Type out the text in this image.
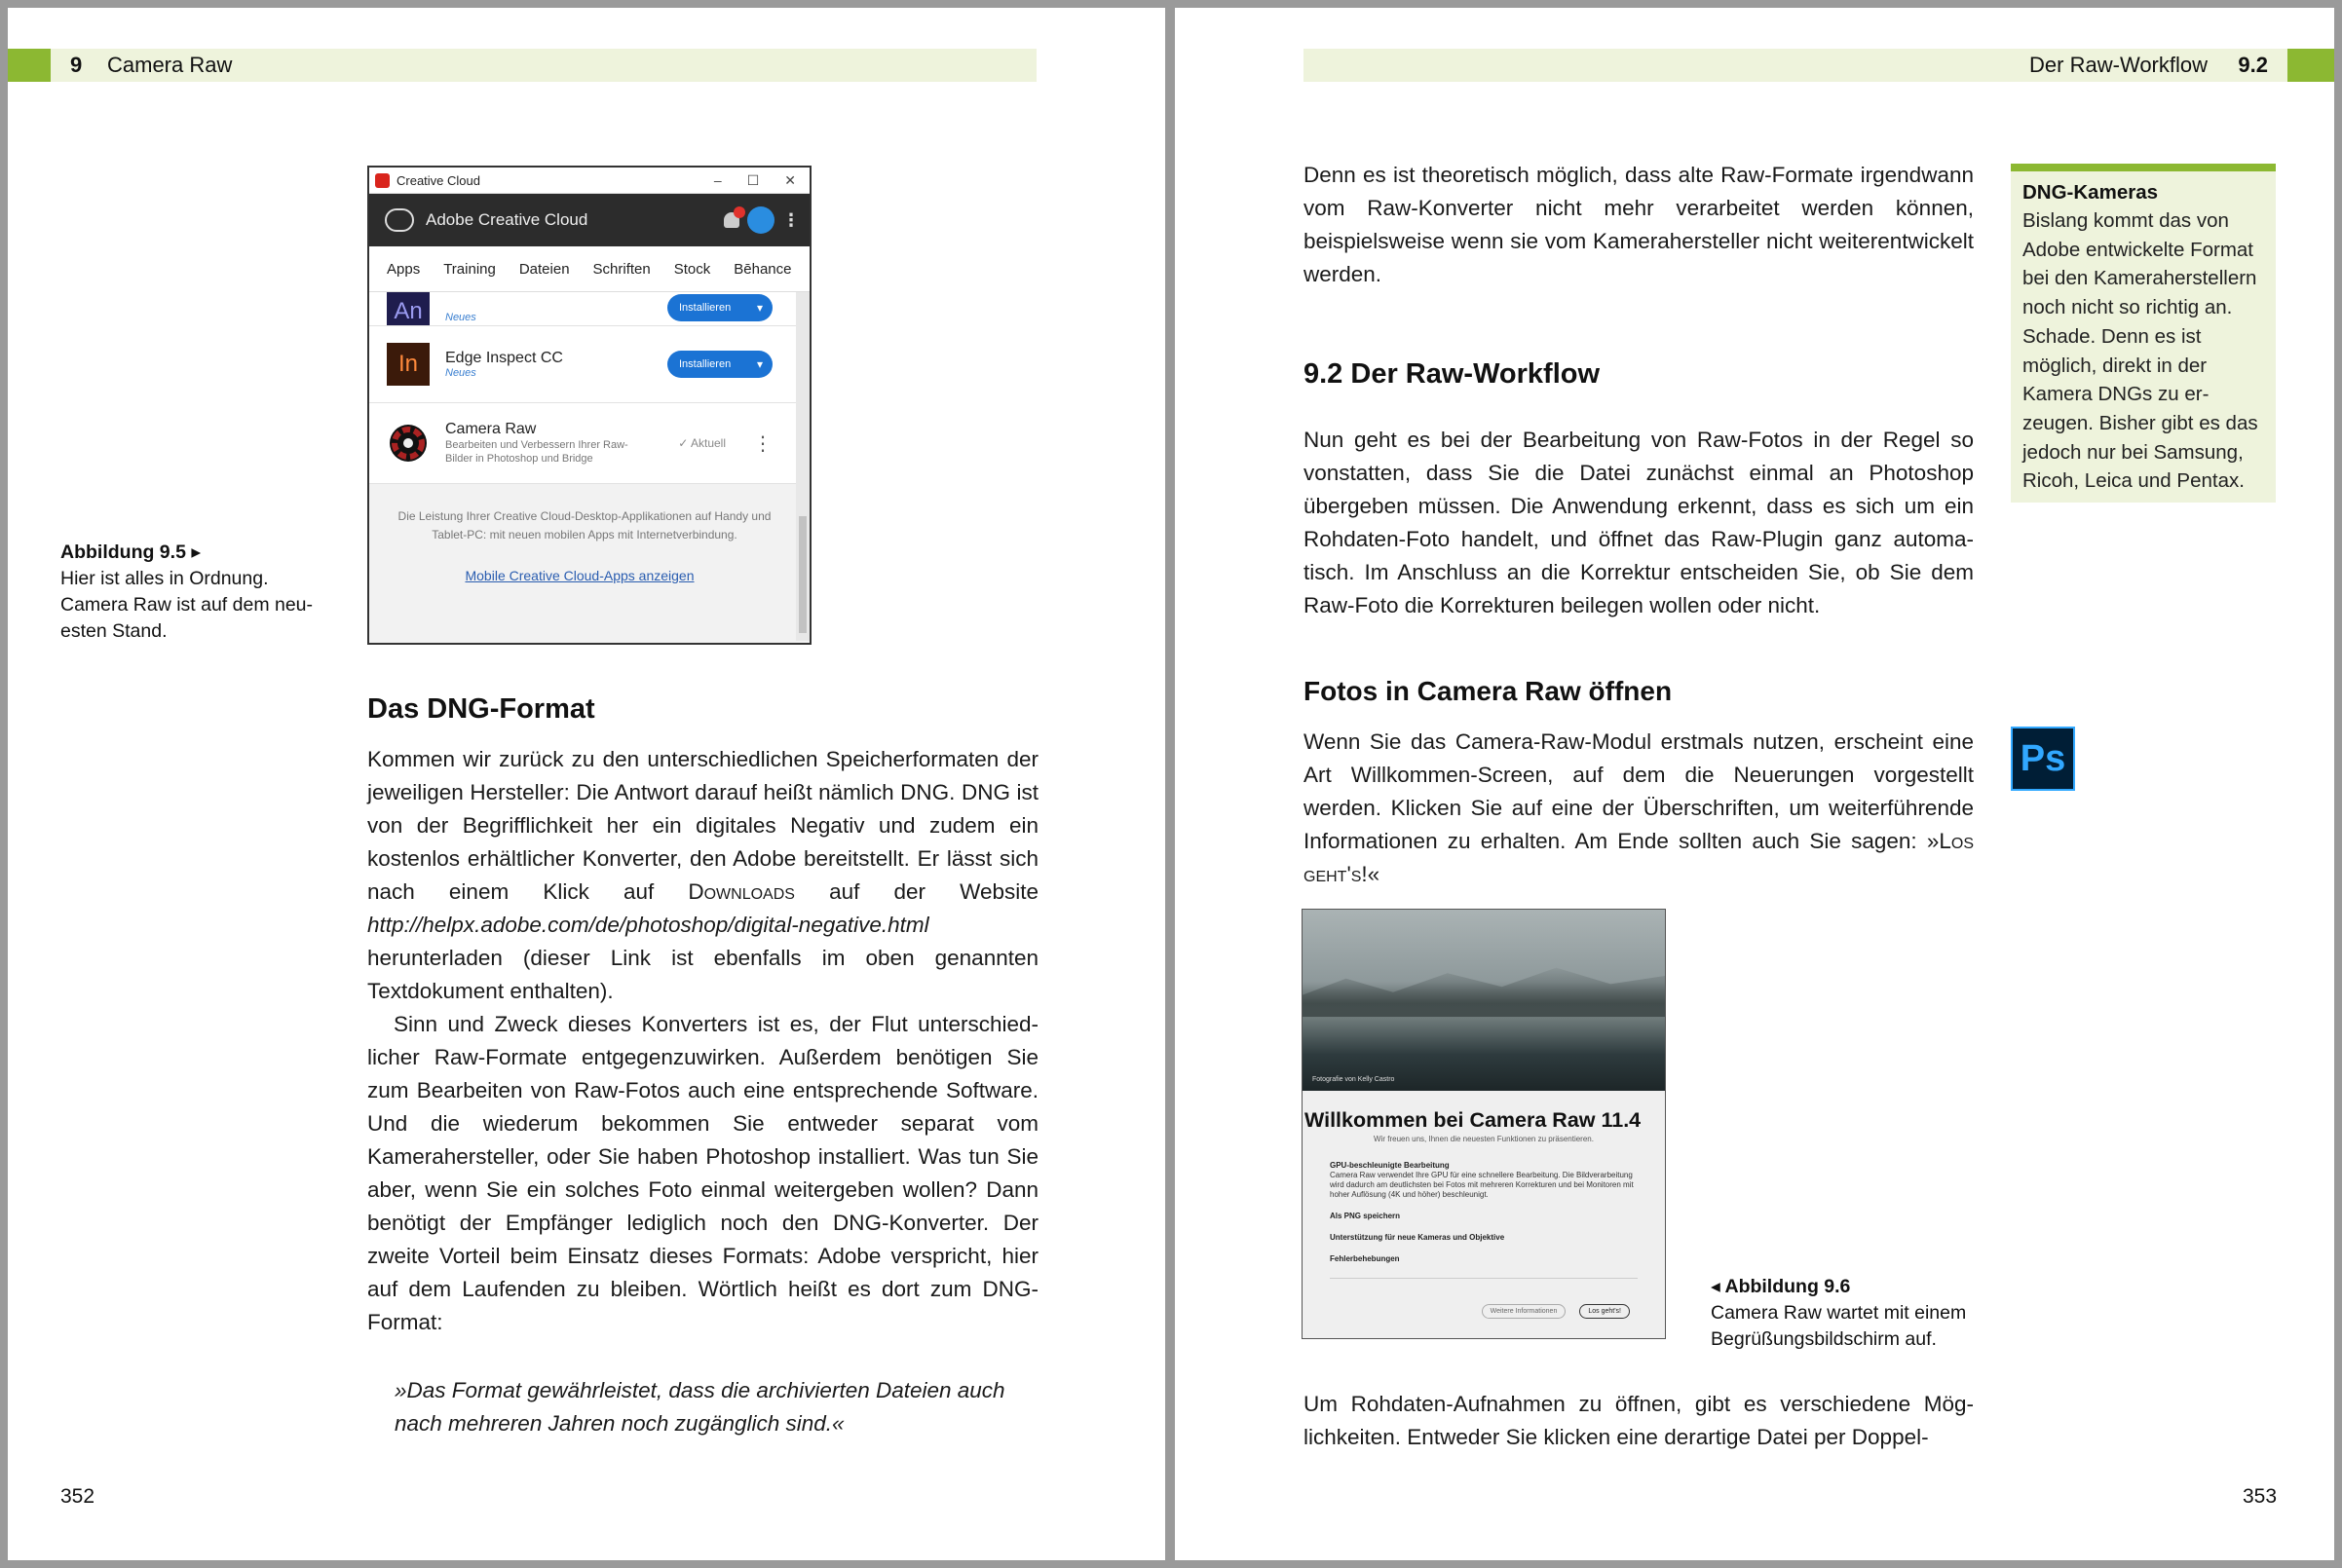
9 Camera Raw
Creative Cloud	– ☐ ✕
Adobe Creative Cloud	⋮
Apps Training Dateien Schriften Stock Bēhance
An	Neues
Installieren ▾
In	Edge Inspect CC
Neues
Installieren ▾
Camera Raw
Bearbeiten und Verbessern Ihrer Raw-Bilder in Photoshop und Bridge
✓ Aktuell ⋮
Die Leistung Ihrer Creative Cloud-Desktop-Applikationen auf Handy und Tablet-PC: mit neuen mobilen Apps mit Internetverbindung.
Mobile Creative Cloud-Apps anzeigen
Abbildung 9.5 ▸
Hier ist alles in Ordnung.
Camera Raw ist auf dem neu-
esten Stand.
Das DNG-Format

Kommen wir zurück zu den unterschiedlichen Speicherformaten der jeweiligen Hersteller: Die Antwort darauf heißt nämlich DNG. DNG ist von der Begrifflichkeit her ein digitales Negativ und zudem ein kostenlos erhältlicher Konverter, den Adobe bereitstellt. Er lässt sich nach einem Klick auf Downloads auf der Website http://helpx.adobe.com/de/photoshop/digital-negative.html herunterladen (dieser Link ist ebenfalls im oben genannten Textdokument enthalten).

Sinn und Zweck dieses Konverters ist es, der Flut unterschiedlicher Raw-Formate entgegenzuwirken. Außerdem benötigen Sie zum Bearbeiten von Raw-Fotos auch eine entsprechende Software. Und die wiederum bekommen Sie entweder separat vom Kamerahersteller, oder Sie haben Photoshop installiert. Was tun Sie aber, wenn Sie ein solches Foto einmal weitergeben wollen? Dann benötigt der Empfänger lediglich noch den DNG-Konverter. Der zweite Vorteil beim Einsatz dieses Formats: Adobe verspricht, hier auf dem Laufenden zu bleiben. Wörtlich heißt es dort zum DNG-Format:

»Das Format gewährleistet, dass die archivierten Dateien auch nach mehreren Jahren noch zugänglich sind.«
352
Der Raw-Workflow 9.2
Denn es ist theoretisch möglich, dass alte Raw-Formate irgendwann vom Raw-Konverter nicht mehr verarbeitet werden können, beispielsweise wenn sie vom Kamerahersteller nicht weiterentwickelt werden.
9.2 Der Raw-Workflow
Nun geht es bei der Bearbeitung von Raw-Fotos in der Regel so vonstatten, dass Sie die Datei zunächst einmal an Photoshop übergeben müssen. Die Anwendung erkennt, dass es sich um ein Rohdaten-Foto handelt, und öffnet das Raw-Plugin ganz automatisch. Im Anschluss an die Korrektur entscheiden Sie, ob Sie dem Raw-Foto die Korrekturen beilegen wollen oder nicht.
Fotos in Camera Raw öffnen
Wenn Sie das Camera-Raw-Modul erstmals nutzen, erscheint eine Art Willkommen-Screen, auf dem die Neuerungen vorgestellt werden. Klicken Sie auf eine der Überschriften, um weiterführende Informationen zu erhalten. Am Ende sollten auch Sie sagen: »Los geht's!«
Fotografie von Kelly Castro
Willkommen bei Camera Raw 11.4
Wir freuen uns, Ihnen die neuesten Funktionen zu präsentieren.
GPU-beschleunigte Bearbeitung
Camera Raw verwendet Ihre GPU für eine schnellere Bearbeitung. Die Bildverarbeitung wird dadurch am deutlichsten bei Fotos mit mehreren Korrekturen und bei Monitoren mit hoher Auflösung (4K und höher) beschleunigt.
Als PNG speichern
Unterstützung für neue Kameras und Objektive
Fehlerbehebungen
Weitere Informationen	Los geht's!
◂ Abbildung 9.6
Camera Raw wartet mit einem
Begrüßungsbildschirm auf.
Um Rohdaten-Aufnahmen zu öffnen, gibt es verschiedene Möglichkeiten. Entweder Sie klicken eine derartige Datei per Doppel-
DNG-Kameras
Bislang kommt das von Adobe entwickelte Format bei den Kameraherstellern noch nicht so richtig an. Schade. Denn es ist möglich, direkt in der Kamera DNGs zu erzeugen. Bisher gibt es das jedoch nur bei Samsung, Ricoh, Leica und Pentax.
Ps
353
